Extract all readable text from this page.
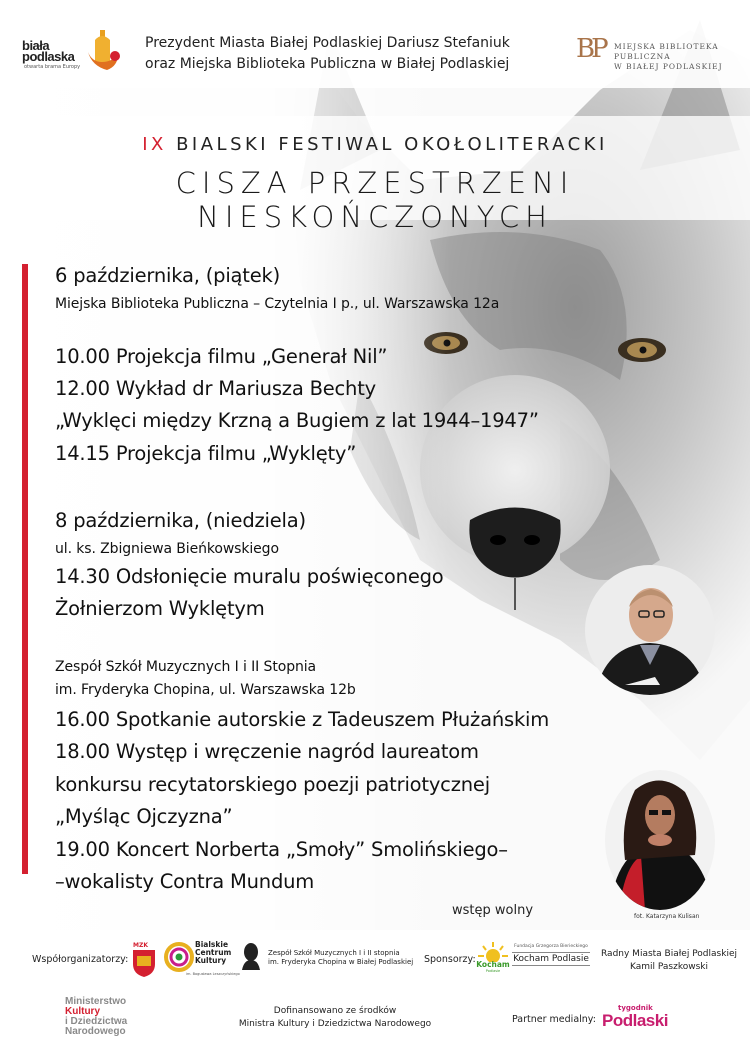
biała podlaska
otwarta brama Europy
Prezydent Miasta Białej Podlaskiej Dariusz Stefaniuk
oraz Miejska Biblioteka Publiczna w Białej Podlaskiej	BP MIEJSKA BIBLIOTEKA PUBLICZNA
W BIAŁEJ PODLASKIEJ
IX BIALSKI FESTIWAL OKOŁOLITERACKI
CISZA PRZESTRZENI NIESKOŃCZONYCH
6 października, (piątek)
Miejska Biblioteka Publiczna – Czytelnia I p., ul. Warszawska 12a
10.00 Projekcja filmu „Generał Nil”
12.00 Wykład dr Mariusza Bechty
„Wyklęci między Krzną a Bugiem z lat 1944–1947”
14.15 Projekcja filmu „Wyklęty”
8 października, (niedziela)
ul. ks. Zbigniewa Bieńkowskiego
14.30 Odsłonięcie muralu poświęconego
Żołnierzom Wyklętym
Zespół Szkół Muzycznych I i II Stopnia
im. Fryderyka Chopina, ul. Warszawska 12b
16.00 Spotkanie autorskie z Tadeuszem Płużańskim
18.00 Występ i wręczenie nagród laureatom
konkursu recytatorskiego poezji patriotycznej
„Myśląc Ojczyzna”
19.00 Koncert Norberta „Smoły” Smolińskiego–
–wokalisty Contra Mundum
fot. Katarzyna Kulisan
wstęp wolny
Współorganizatorzy:
MZK	Bialskie
Centrum
Kultury
im. Bogusława Leszczyńskiego
Zespół Szkół Muzycznych I i II stopnia
im. Fryderyka Chopina w Białej Podlaskiej Sponsorzy: Kocham
Podlasie
Fundacja Grzegorza Bierieckiego
Kocham Podlasie	Radny Miasta Białej Podlaskiej
Kamil Paszkowski
Ministerstwo
Kultury
i Dziedzictwa
Narodowego
Dofinansowano ze środków
Ministra Kultury i Dziedzictwa Narodowego	Partner medialny:
tygodnik
Podlaski
